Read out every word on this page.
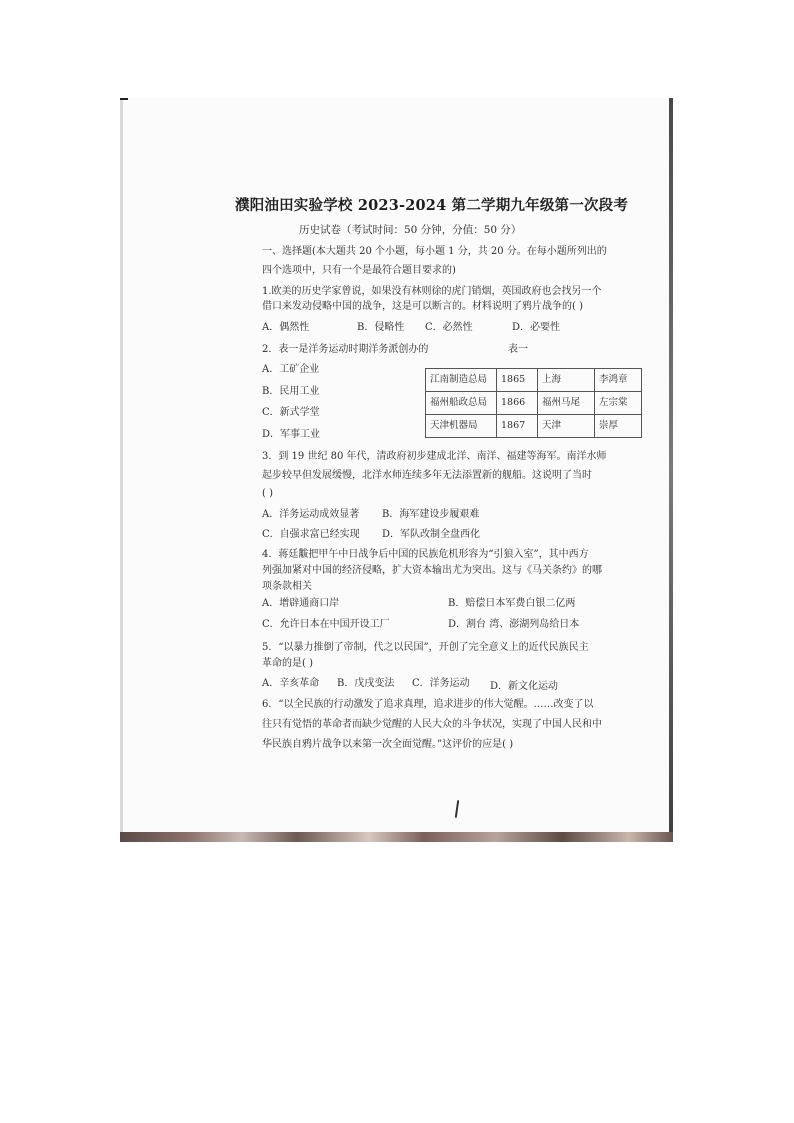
濮阳油田实验学校 2023-2024 第二学期九年级第一次段考
历史试卷（考试时间：50 分钟，分值：50 分）
一、选择题(本大题共 20 个小题，每小题 1 分，共 20 分。在每小题所列出的
四个选项中，只有一个是最符合题目要求的)
1.欧美的历史学家曾说，如果没有林则徐的虎门销烟，英国政府也会找另一个
借口来发动侵略中国的战争，这是可以断言的。材料说明了鸦片战争的( )
A．偶然性	B．侵略性 C．必然性	D．必要性
2．表一是洋务运动时期洋务派创办的	表一
A．工矿企业
B．民用工业
C．新式学堂
D．军事工业
江南制造总局	1865	上海	李鸿章
福州船政总局	1866	福州马尾	左宗棠
天津机器局	1867	天津	崇厚
3．到 19 世纪 80 年代，清政府初步建成北洋、南洋、福建等海军。南洋水师
起步较早但发展缓慢，北洋水师连续多年无法添置新的舰船。这说明了当时
( )
A．洋务运动成效显著 B．海军建设步履艰难
C．自强求富已经实现 D．军队改制全盘西化
4．蒋廷黻把甲午中日战争后中国的民族危机形容为“引狼入室”，其中西方
列强加紧对中国的经济侵略，扩大资本输出尤为突出。这与《马关条约》的哪
项条款相关
A．增辟通商口岸	B．赔偿日本军费白银二亿两
C．允许日本在中国开设工厂	D．割台 湾、澎湖列岛给日本
5．“以暴力推倒了帝制，代之以民国”，开创了完全意义上的近代民族民主
革命的是( )
A．辛亥革命 B．戊戌变法 C．洋务运动 D．新文化运动
6．“以全民族的行动激发了追求真理，追求进步的伟大觉醒。……改变了以
往只有觉悟的革命者而缺少觉醒的人民大众的斗争状况，实现了中国人民和中
华民族自鸦片战争以来第一次全面觉醒。”这评价的应是( )
